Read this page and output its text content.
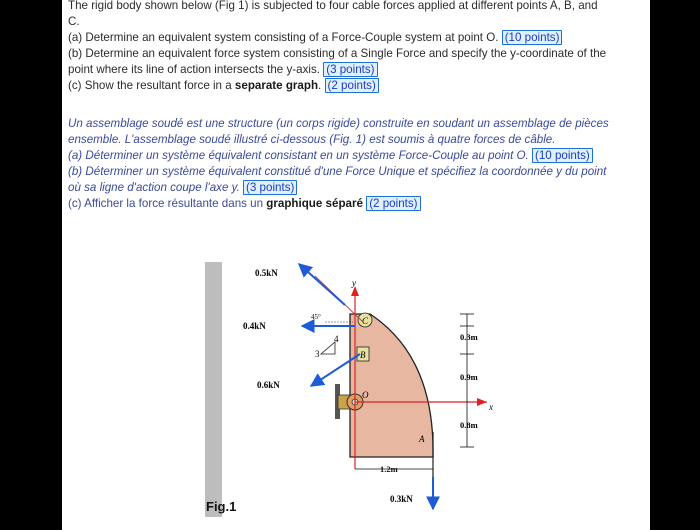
The rigid body shown below (Fig 1) is subjected to four cable forces applied at different points A, B, and

C.

(a) Determine an equivalent system consisting of a Force-Couple system at point O. (10 points)

(b) Determine an equivalent force system consisting of a Single Force and specify the y-coordinate of the

point where its line of action intersects the y-axis. (3 points)

(c) Show the resultant force in a separate graph. (2 points)

Un assemblage soudé est une structure (un corps rigide) construite en soudant un assemblage de pièces

ensemble. L'assemblage soudé illustré ci-dessous (Fig. 1) est soumis à quatre forces de câble.

(a) Déterminer un système équivalent consistant en un système Force-Couple au point O. (10 points)

(b) Déterminer un système équivalent constitué d'une Force Unique et spécifiez la coordonnée y du point

où sa ligne d'action coupe l'axe y. (3 points)

(c) Afficher la force résultante dans un graphique séparé (2 points)

y
x
C
B
O
A
0.5kN
45°
0.4kN
4
3
0.6kN
0.3kN
0.3m
0.9m
0.8m
1.2m
Fig.1
